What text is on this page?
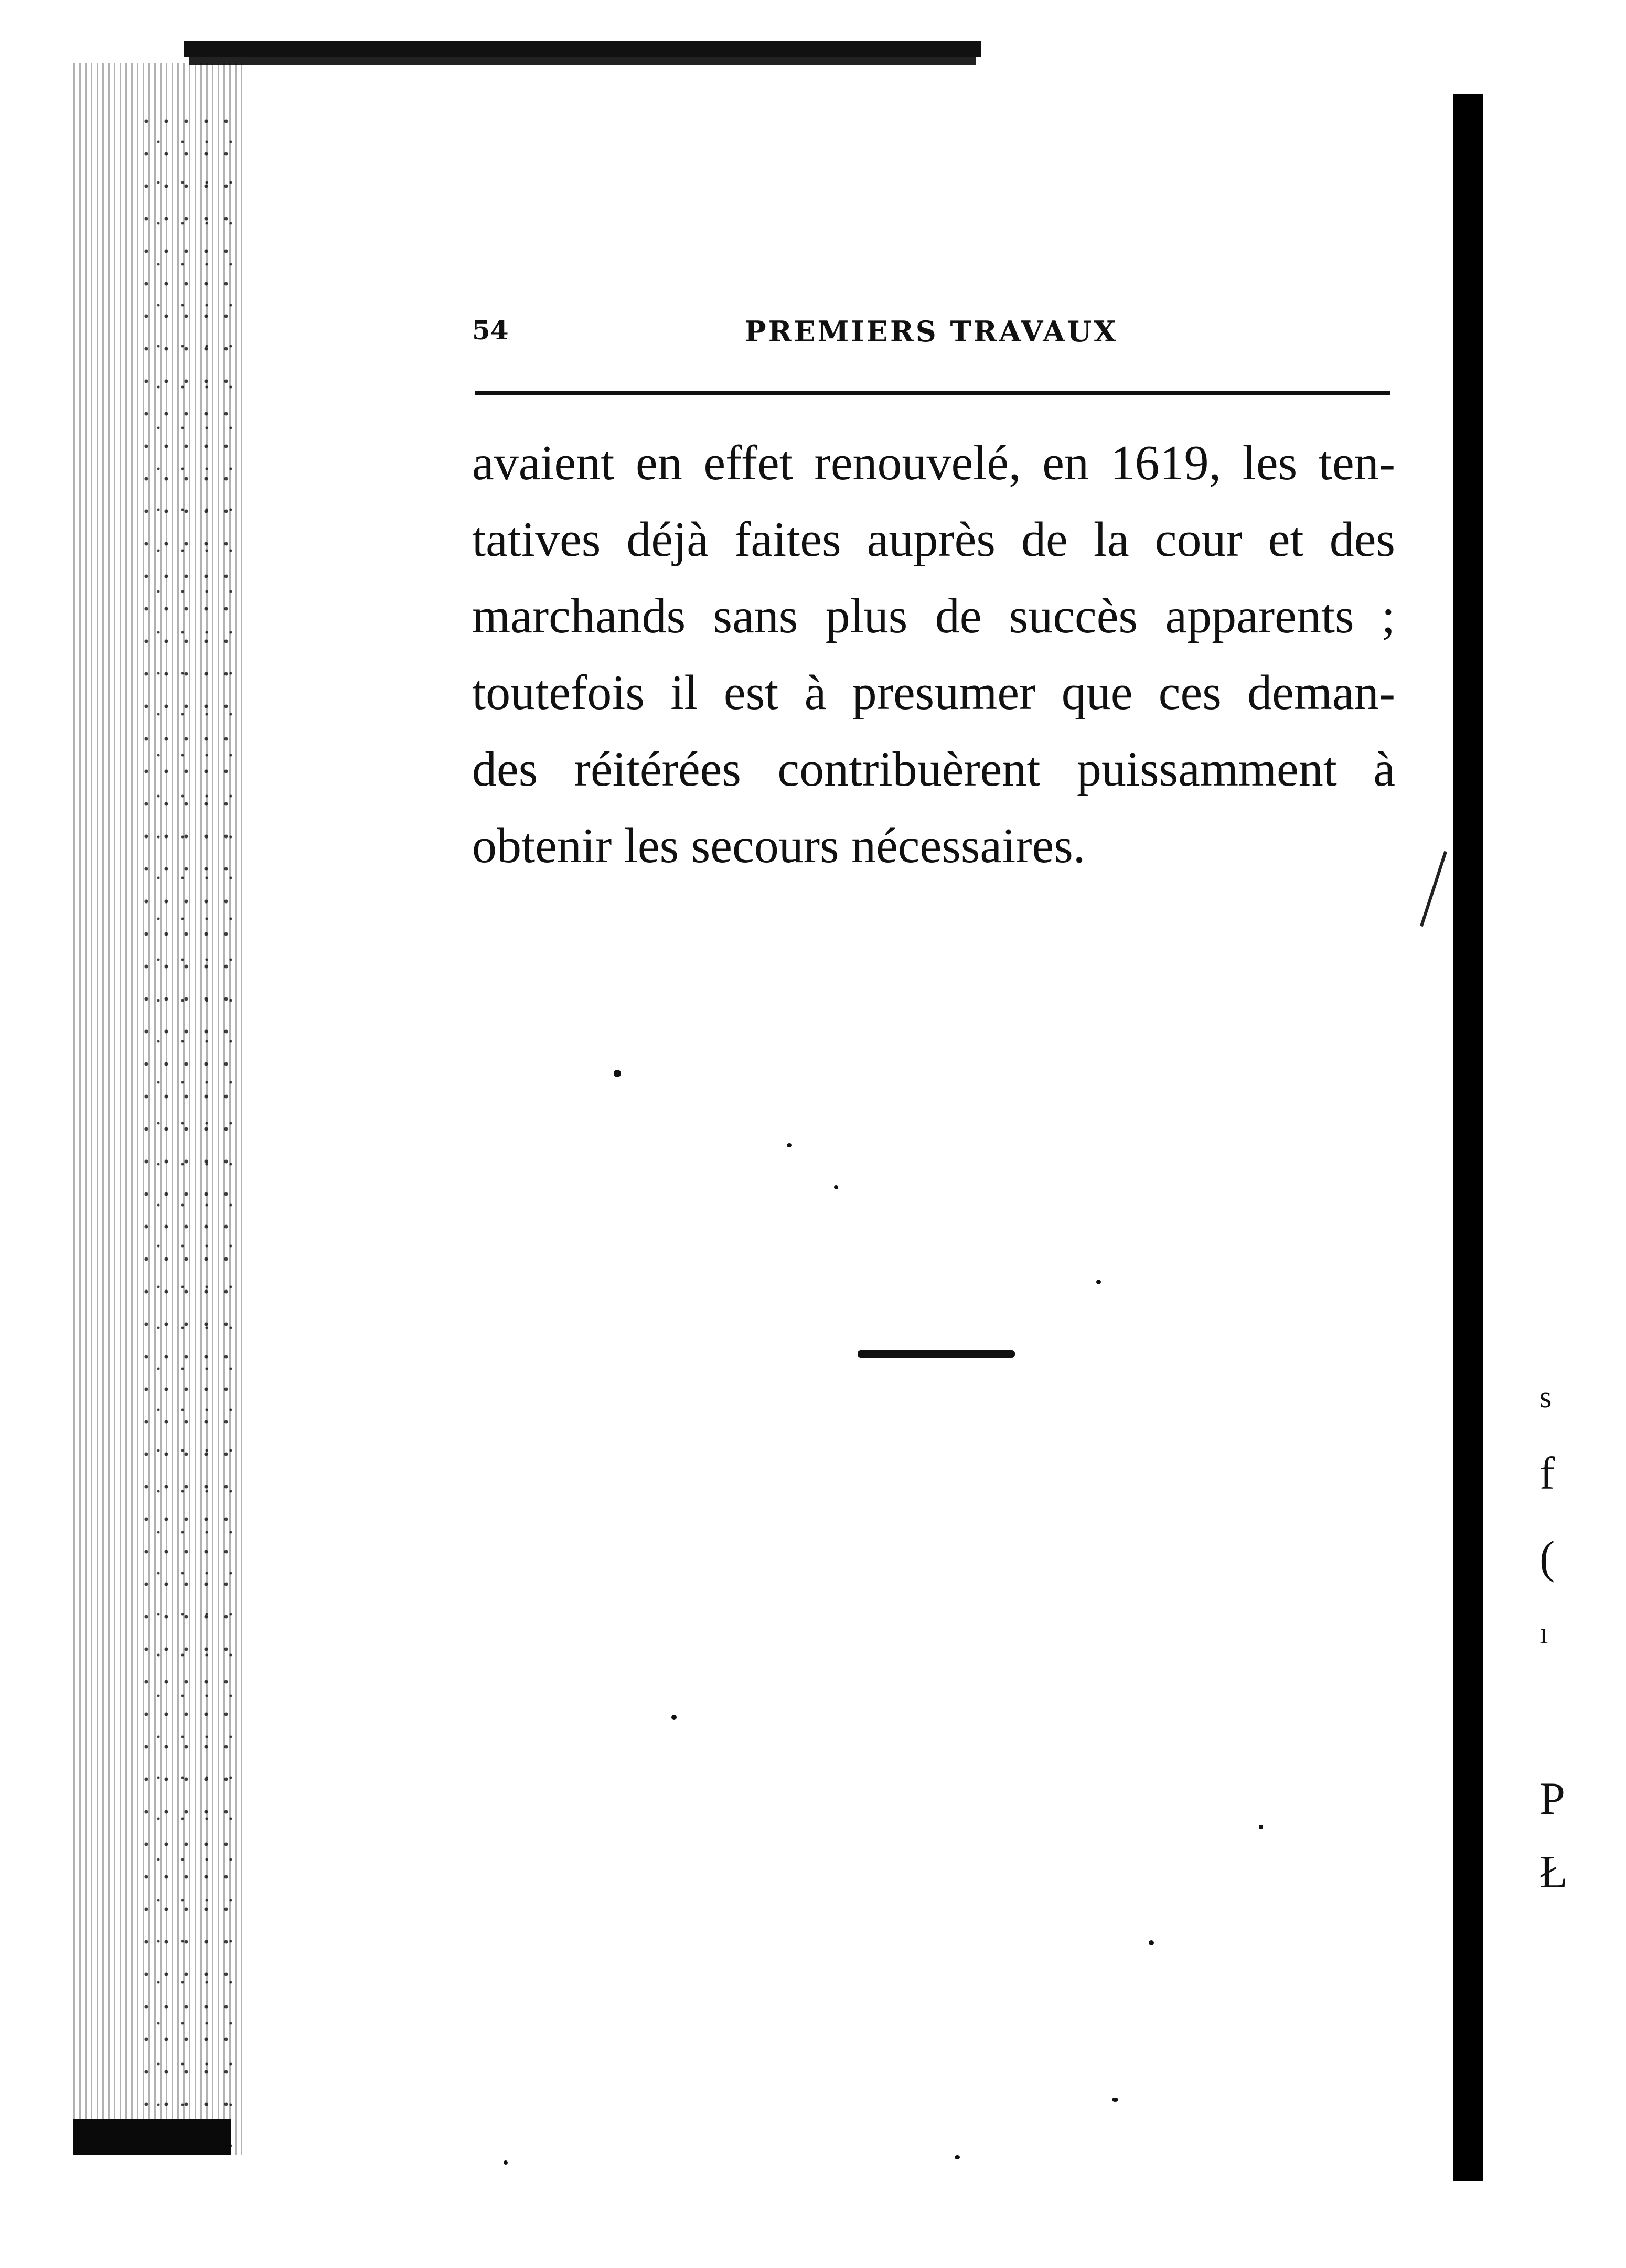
54	PREMIERS TRAVAUX

avaient en effet renouvelé, en 1619, les ten-
tatives déjà faites auprès de la cour et des
marchands sans plus de succès apparents ;
toutefois il est à presumer que ces deman-
des réitérées contribuèrent puissamment à
obtenir les secours nécessaires.

s
f
(
ı
P
Ł
